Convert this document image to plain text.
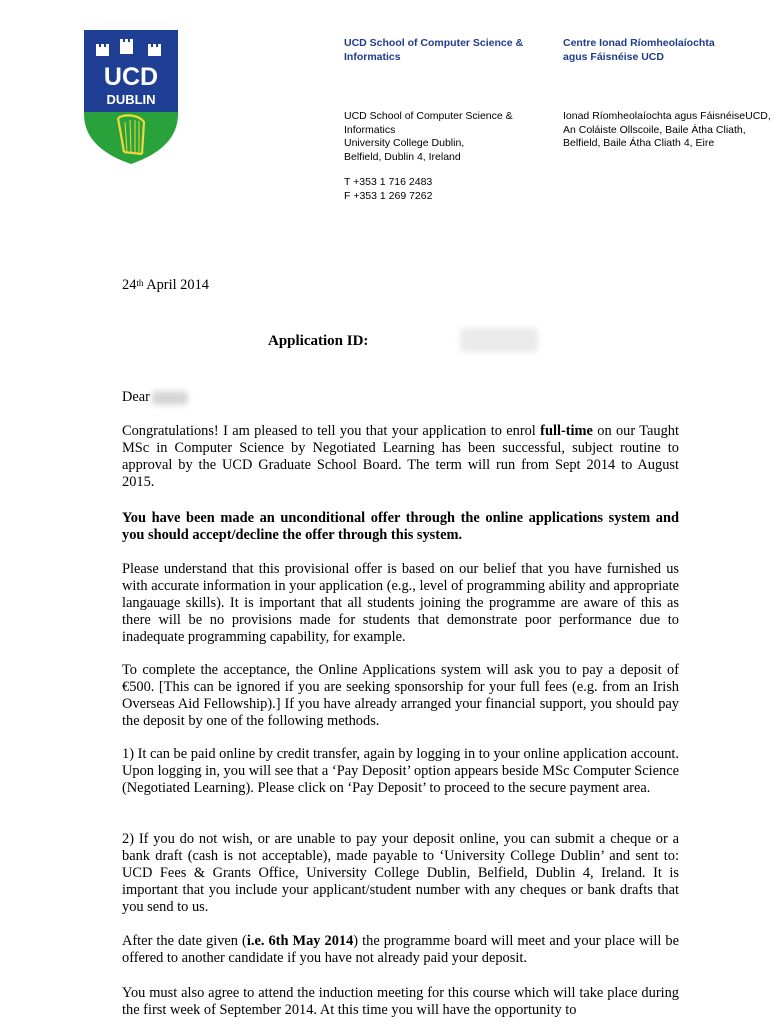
UCD
DUBLIN
UCD School of Computer Science &
Informatics
Centre Ionad Ríomheolaíochta
agus Fáisnéise UCD
UCD School of Computer Science &
Informatics
University College Dublin,
Belfield, Dublin 4, Ireland
Ionad Ríomheolaíochta agus FáisnéiseUCD,
An Coláiste Ollscoile, Baile Átha Cliath,
Belfield, Baile Átha Cliath 4, Eire
T +353 1 716 2483
F +353 1 269 7262
24th April 2014
Application ID:
Dear
Congratulations! I am pleased to tell you that your application to enrol full-time on our Taught MSc in Computer Science by Negotiated Learning has been successful, subject routine to approval by the UCD Graduate School Board. The term will run from Sept 2014 to August 2015.
You have been made an unconditional offer through the online applications system and you should accept/decline the offer through this system.
Please understand that this provisional offer is based on our belief that you have furnished us with accurate information in your application (e.g., level of programming ability and appropriate langauage skills). It is important that all students joining the programme are aware of this as there will be no provisions made for students that demonstrate poor performance due to inadequate programming capability, for example.
To complete the acceptance, the Online Applications system will ask you to pay a deposit of €500. [This can be ignored if you are seeking sponsorship for your full fees (e.g. from an Irish Overseas Aid Fellowship).] If you have already arranged your financial support, you should pay the deposit by one of the following methods.
1) It can be paid online by credit transfer, again by logging in to your online application account. Upon logging in, you will see that a ‘Pay Deposit’ option appears beside MSc Computer Science (Negotiated Learning). Please click on ‘Pay Deposit’ to proceed to the secure payment area.
2) If you do not wish, or are unable to pay your deposit online, you can submit a cheque or a bank draft (cash is not acceptable), made payable to ‘University College Dublin’ and sent to: UCD Fees & Grants Office, University College Dublin, Belfield, Dublin 4, Ireland. It is important that you include your applicant/student number with any cheques or bank drafts that you send to us.
After the date given (i.e. 6th May 2014) the programme board will meet and your place will be offered to another candidate if you have not already paid your deposit.
You must also agree to attend the induction meeting for this course which will take place during the first week of September 2014. At this time you will have the opportunity to
